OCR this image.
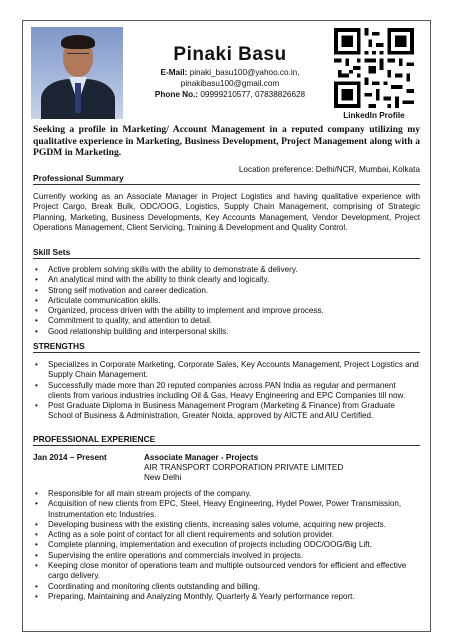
Pinaki Basu
E-Mail: pinaki_basu100@yahoo.co.in,
pinakibasu100@gmail.com
Phone No.: 09999210577, 07838826628
LinkedIn Profile
Seeking a profile in Marketing/ Account Management in a reputed company utilizing my qualitative experience in Marketing, Business Development, Project Management along with a PGDM in Marketing.
Location preference: Delhi/NCR, Mumbai, Kolkata
Professional Summary
Currently working as an Associate Manager in Project Logistics and having qualitative experience with Project Cargo, Break Bulk, ODC/OOG, Logistics, Supply Chain Management, comprising of Strategic Planning, Marketing, Business Developments, Key Accounts Management, Vendor Development, Project Operations Management, Client Servicing, Training & Development and Quality Control.
Skill Sets
• Active problem solving skills with the ability to demonstrate & delivery.
• An analytical mind with the ability to think clearly and logically.
• Strong self motivation and career dedication.
• Articulate communication skills.
• Organized, process driven with the ability to implement and improve process.
• Commitment to quality, and attention to detail.
• Good relationship building and interpersonal skills.
STRENGTHS
• Specializes in Corporate Marketing, Corporate Sales, Key Accounts Management, Project Logistics and Supply Chain Management.
• Successfully made more than 20 reputed companies across PAN India as regular and permanent clients from various industries including Oil & Gas, Heavy Engineering and EPC Companies till now.
• Post Graduate Diploma in Business Management Program (Marketing & Finance) from Graduate School of Business & Administration, Greater Noida, approved by AICTE and AIU Certified.
PROFESSIONAL EXPERIENCE
Jan 2014 – Present	Associate Manager - Projects
AIR TRANSPORT CORPORATION PRIVATE LIMITED
New Delhi
• Responsible for all main stream projects of the company.
• Acquisition of new clients from EPC, Steel, Heavy Engineering, Hydel Power, Power Transmission, Instrumentation etc Industries.
• Developing business with the existing clients, increasing sales volume, acquiring new projects.
• Acting as a sole point of contact for all client requirements and solution provider.
• Complete planning, implementation and execution of projects including ODC/OOG/Big Lift.
• Supervising the entire operations and commercials involved in projects.
• Keeping close monitor of operations team and multiple outsourced vendors for efficient and effective cargo delivery.
• Coordinating and monitoring clients outstanding and billing.
• Preparing, Maintaining and Analyzing Monthly, Quarterly & Yearly performance report.
